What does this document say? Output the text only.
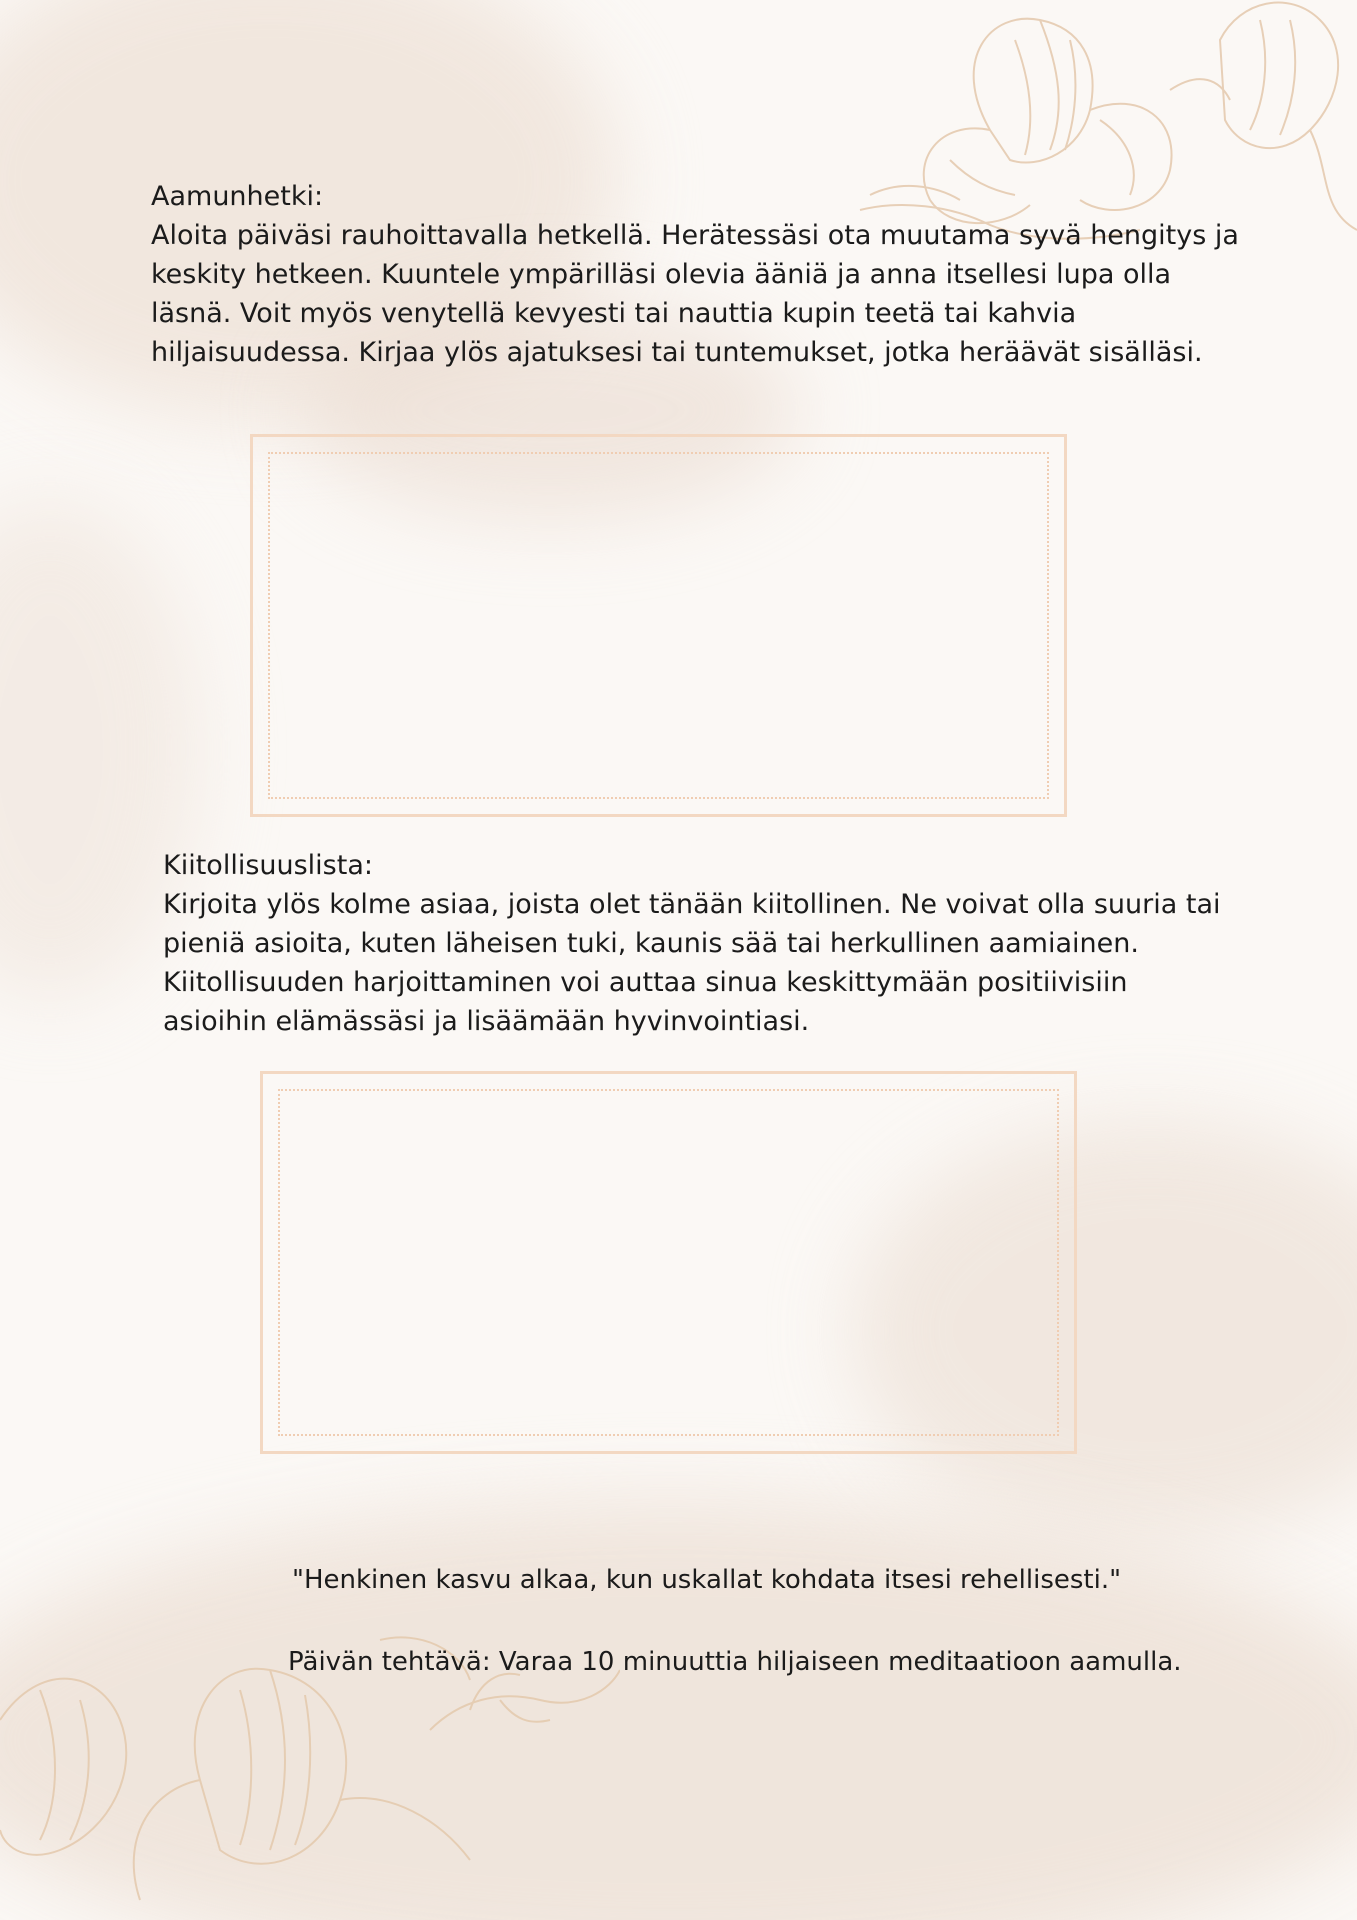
Aamunhetki:

Aloita päiväsi rauhoittavalla hetkellä. Herätessäsi ota muutama syvä hengitys ja

keskity hetkeen. Kuuntele ympärilläsi olevia ääniä ja anna itsellesi lupa olla

läsnä. Voit myös venytellä kevyesti tai nauttia kupin teetä tai kahvia

hiljaisuudessa. Kirjaa ylös ajatuksesi tai tuntemukset, jotka heräävät sisälläsi.

Kiitollisuuslista:

Kirjoita ylös kolme asiaa, joista olet tänään kiitollinen. Ne voivat olla suuria tai

pieniä asioita, kuten läheisen tuki, kaunis sää tai herkullinen aamiainen.

Kiitollisuuden harjoittaminen voi auttaa sinua keskittymään positiivisiin

asioihin elämässäsi ja lisäämään hyvinvointiasi.

"Henkinen kasvu alkaa, kun uskallat kohdata itsesi rehellisesti."
Päivän tehtävä: Varaa 10 minuuttia hiljaiseen meditaatioon aamulla.
